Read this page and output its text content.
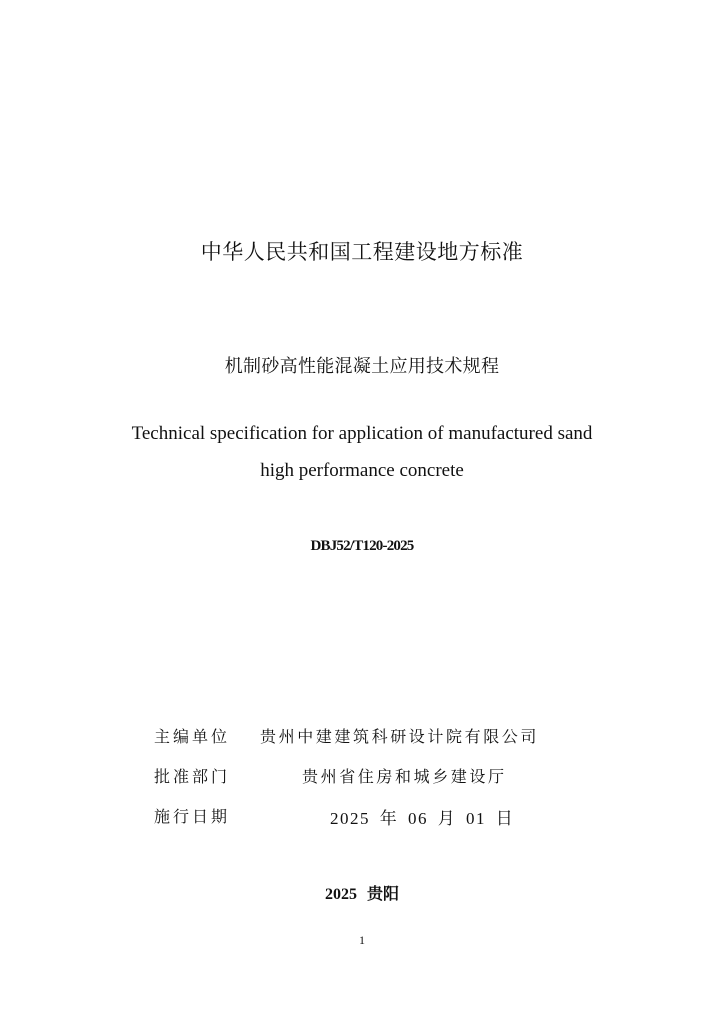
中华人民共和国工程建设地方标准
机制砂高性能混凝土应用技术规程
Technical specification for application of manufactured sand
high performance concrete
DBJ52/T120-2025
主编单位 贵州中建建筑科研设计院有限公司
批准部门	贵州省住房和城乡建设厅
施行日期	2025 年 06 月 01 日
2025 贵阳
1
